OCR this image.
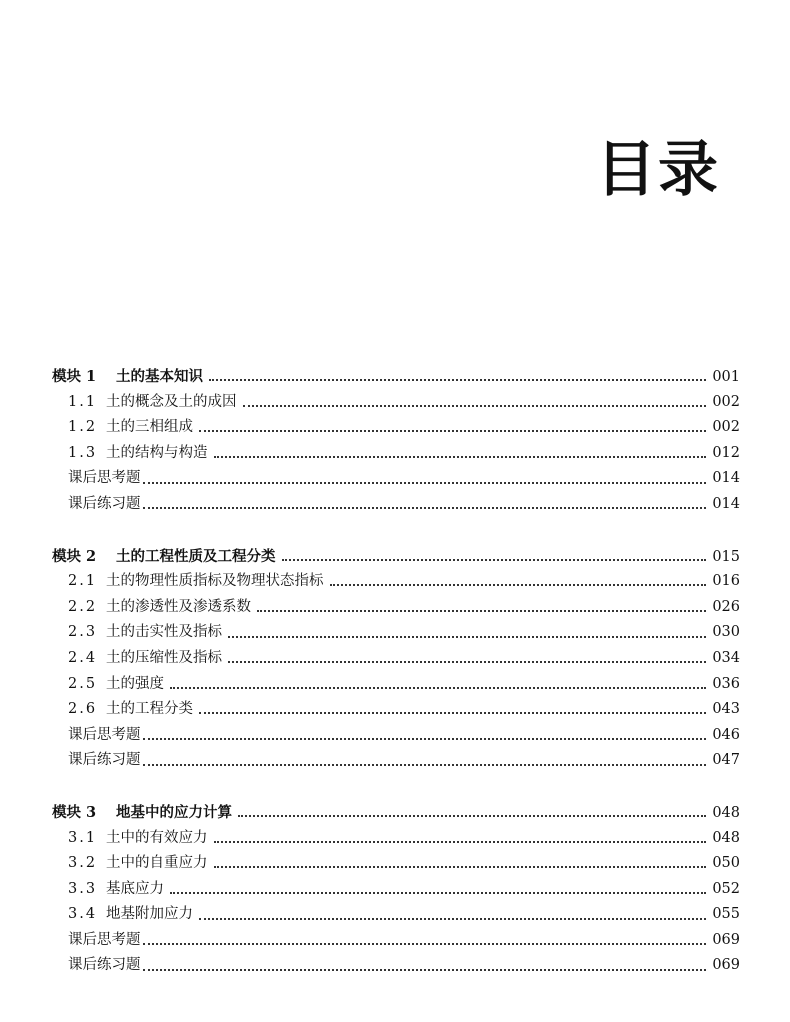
目录
模块 1	土的基本知识	001
1.1 土的概念及土的成因	002
1.2 土的三相组成	002
1.3 土的结构与构造	012
课后思考题	014
课后练习题	014
模块 2	土的工程性质及工程分类	015
2.1 土的物理性质指标及物理状态指标	016
2.2 土的渗透性及渗透系数	026
2.3 土的击实性及指标	030
2.4 土的压缩性及指标	034
2.5 土的强度	036
2.6 土的工程分类	043
课后思考题	046
课后练习题	047
模块 3	地基中的应力计算	048
3.1 土中的有效应力	048
3.2 土中的自重应力	050
3.3 基底应力	052
3.4 地基附加应力	055
课后思考题	069
课后练习题	069
